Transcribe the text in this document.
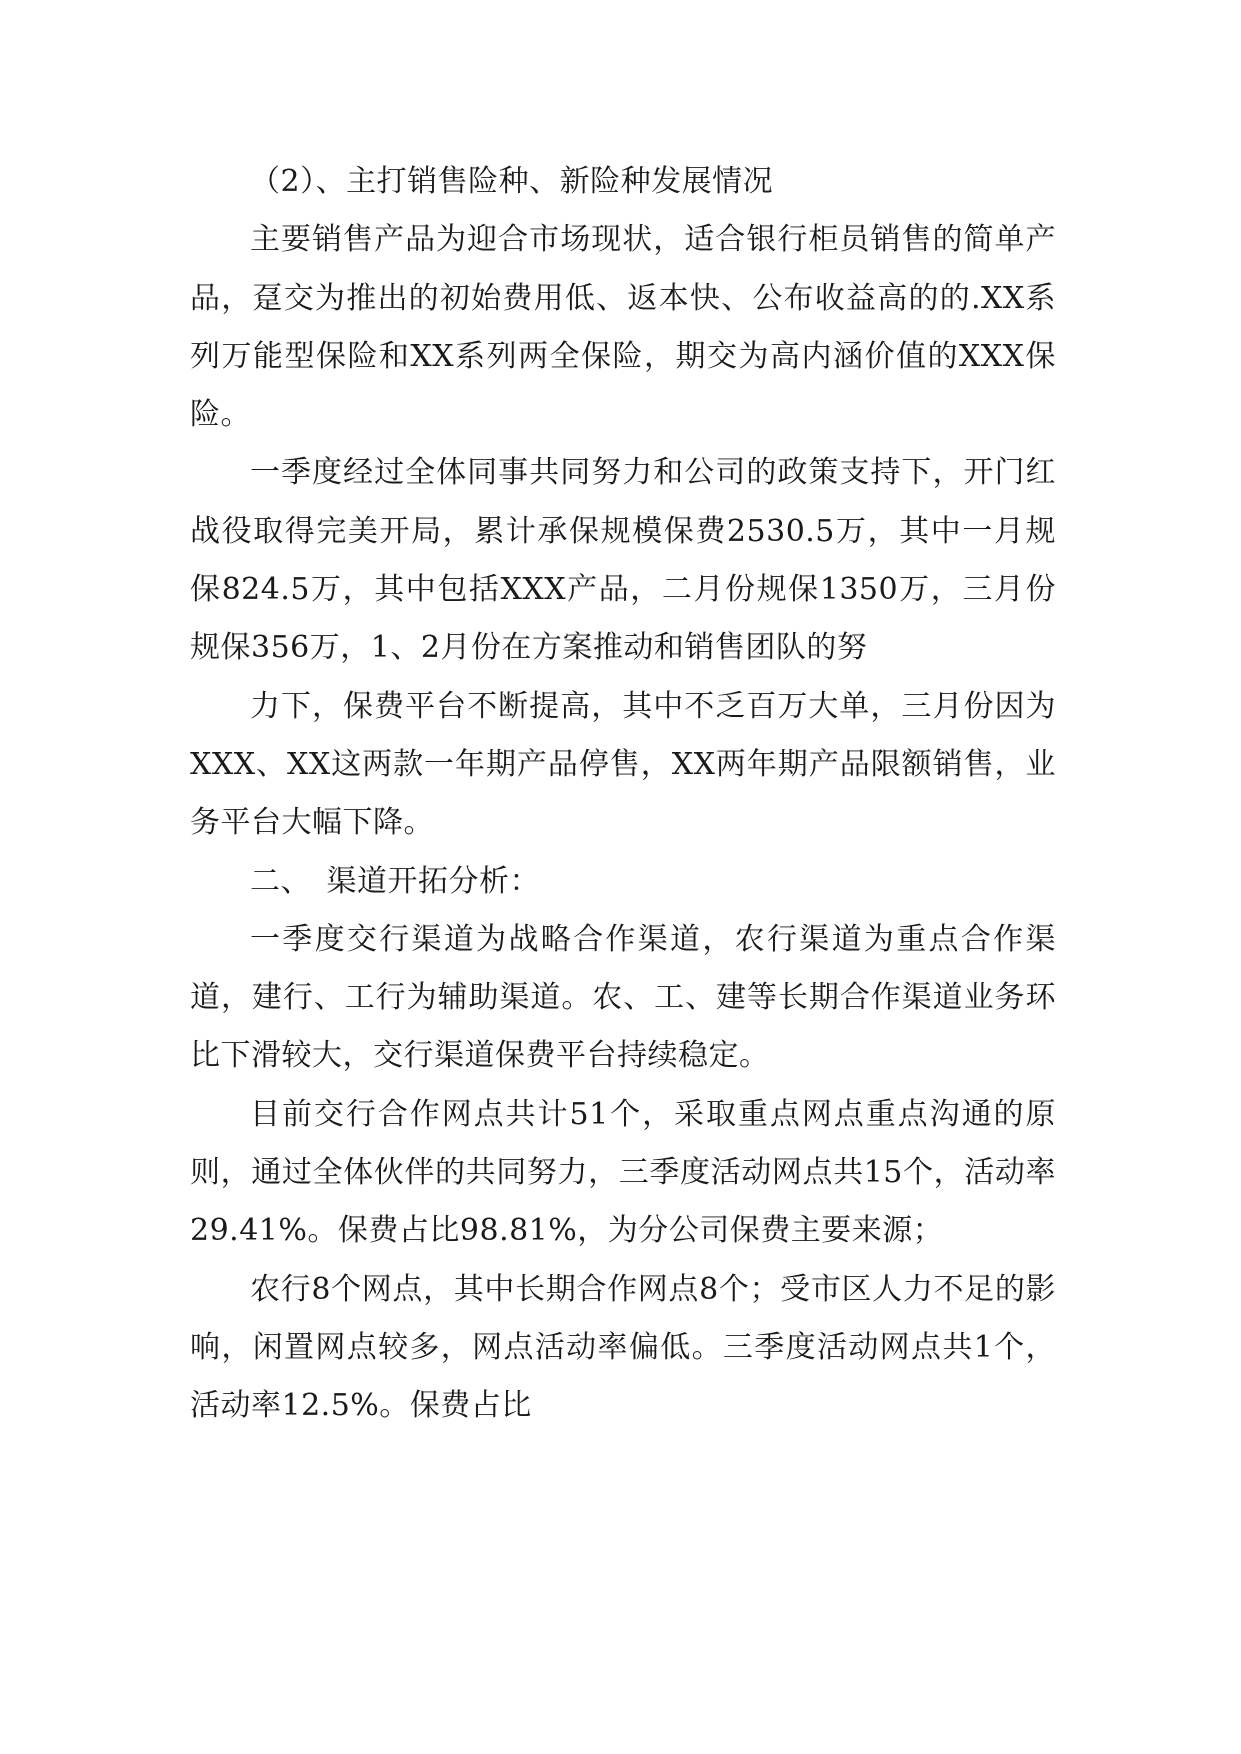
（2）、主打销售险种、新险种发展情况

主要销售产品为迎合市场现状，适合银行柜员销售的简单产品，趸交为推出的初始费用低、返本快、公布收益高的的.XX系列万能型保险和XX系列两全保险，期交为高内涵价值的XXX保险。

一季度经过全体同事共同努力和公司的政策支持下，开门红战役取得完美开局，累计承保规模保费2530.5万，其中一月规保824.5万，其中包括XXX产品，二月份规保1350万，三月份规保356万，1、2月份在方案推动和销售团队的努

力下，保费平台不断提高，其中不乏百万大单，三月份因为XXX、XX这两款一年期产品停售，XX两年期产品限额销售，业务平台大幅下降。

二、　渠道开拓分析：

一季度交行渠道为战略合作渠道，农行渠道为重点合作渠道，建行、工行为辅助渠道。农、工、建等长期合作渠道业务环比下滑较大，交行渠道保费平台持续稳定。

目前交行合作网点共计51个，采取重点网点重点沟通的原则，通过全体伙伴的共同努力，三季度活动网点共15个，活动率29.41%。保费占比98.81%，为分公司保费主要来源；

农行8个网点，其中长期合作网点8个；受市区人力不足的影响，闲置网点较多，网点活动率偏低。三季度活动网点共1个，活动率12.5%。保费占比
